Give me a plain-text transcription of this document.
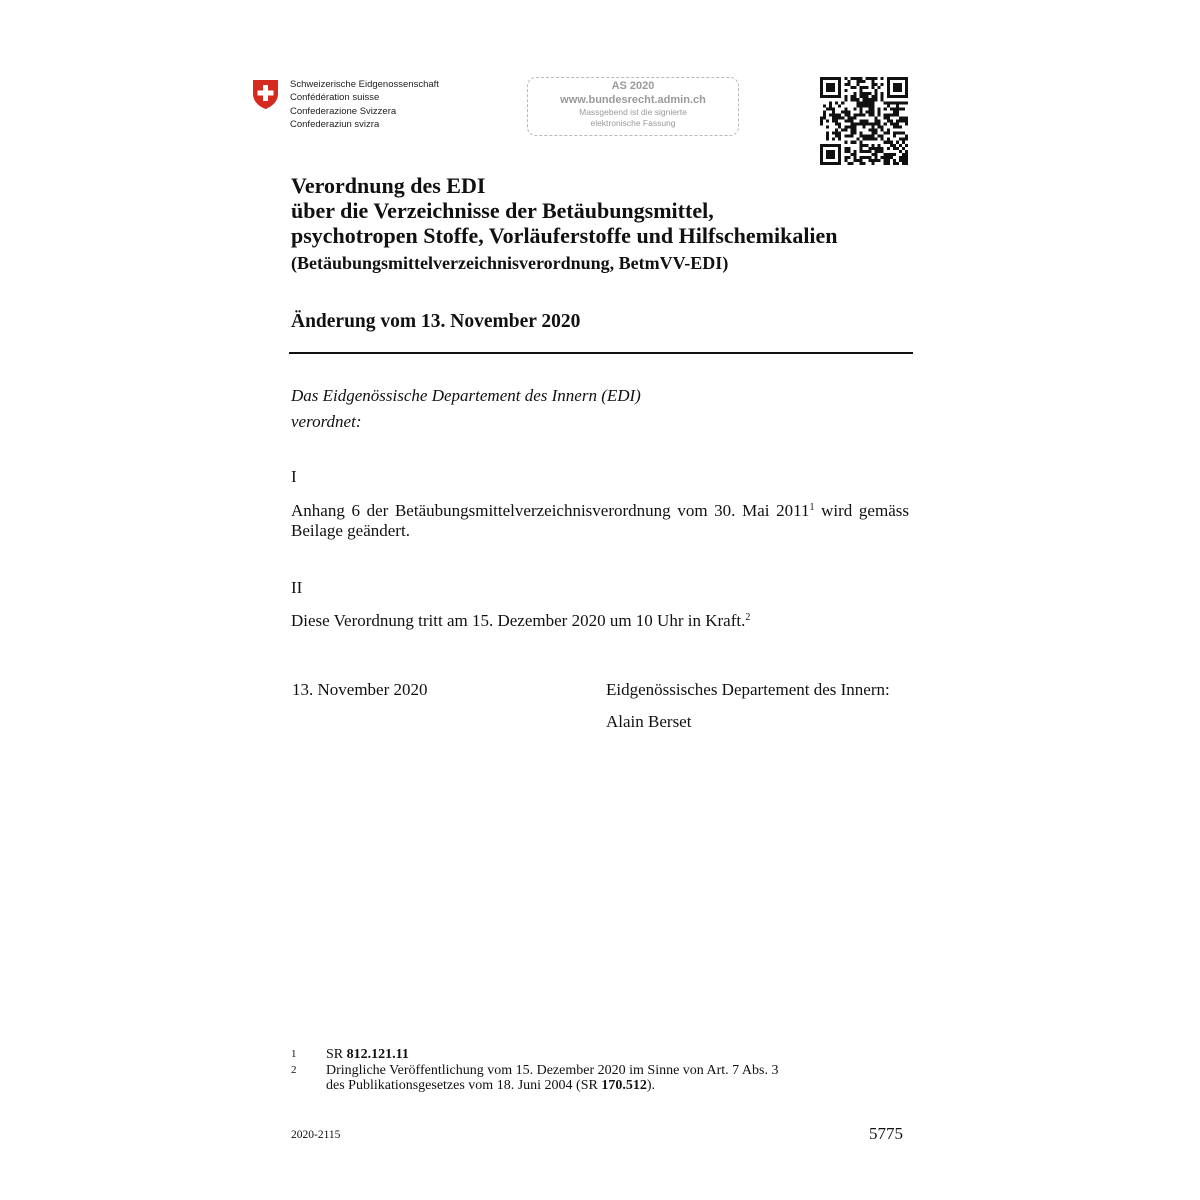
Schweizerische Eidgenossenschaft
Confédération suisse
Confederazione Svizzera
Confederaziun svizra
AS 2020
www.bundesrecht.admin.ch
Massgebend ist die signierte
elektronische Fassung
Verordnung des EDI
über die Verzeichnisse der Betäubungsmittel,
psychotropen Stoffe, Vorläuferstoffe und Hilfschemikalien
(Betäubungsmittelverzeichnisverordnung, BetmVV-EDI)
Änderung vom 13. November 2020
Das Eidgenössische Departement des Innern (EDI)
verordnet:
I
Anhang 6 der Betäubungsmittelverzeichnisverordnung vom 30. Mai 2011$^1$ wird gemäss Beilage geändert.
II
Diese Verordnung tritt am 15. Dezember 2020 um 10 Uhr in Kraft.$^2$
13. November 2020	Eidgenössisches Departement des Innern:
Alain Berset
1 SR 812.121.11
2 Dringliche Veröffentlichung vom 15. Dezember 2020 im Sinne von Art. 7 Abs. 3
des Publikationsgesetzes vom 18. Juni 2004 (SR 170.512).
2020-2115	5775
